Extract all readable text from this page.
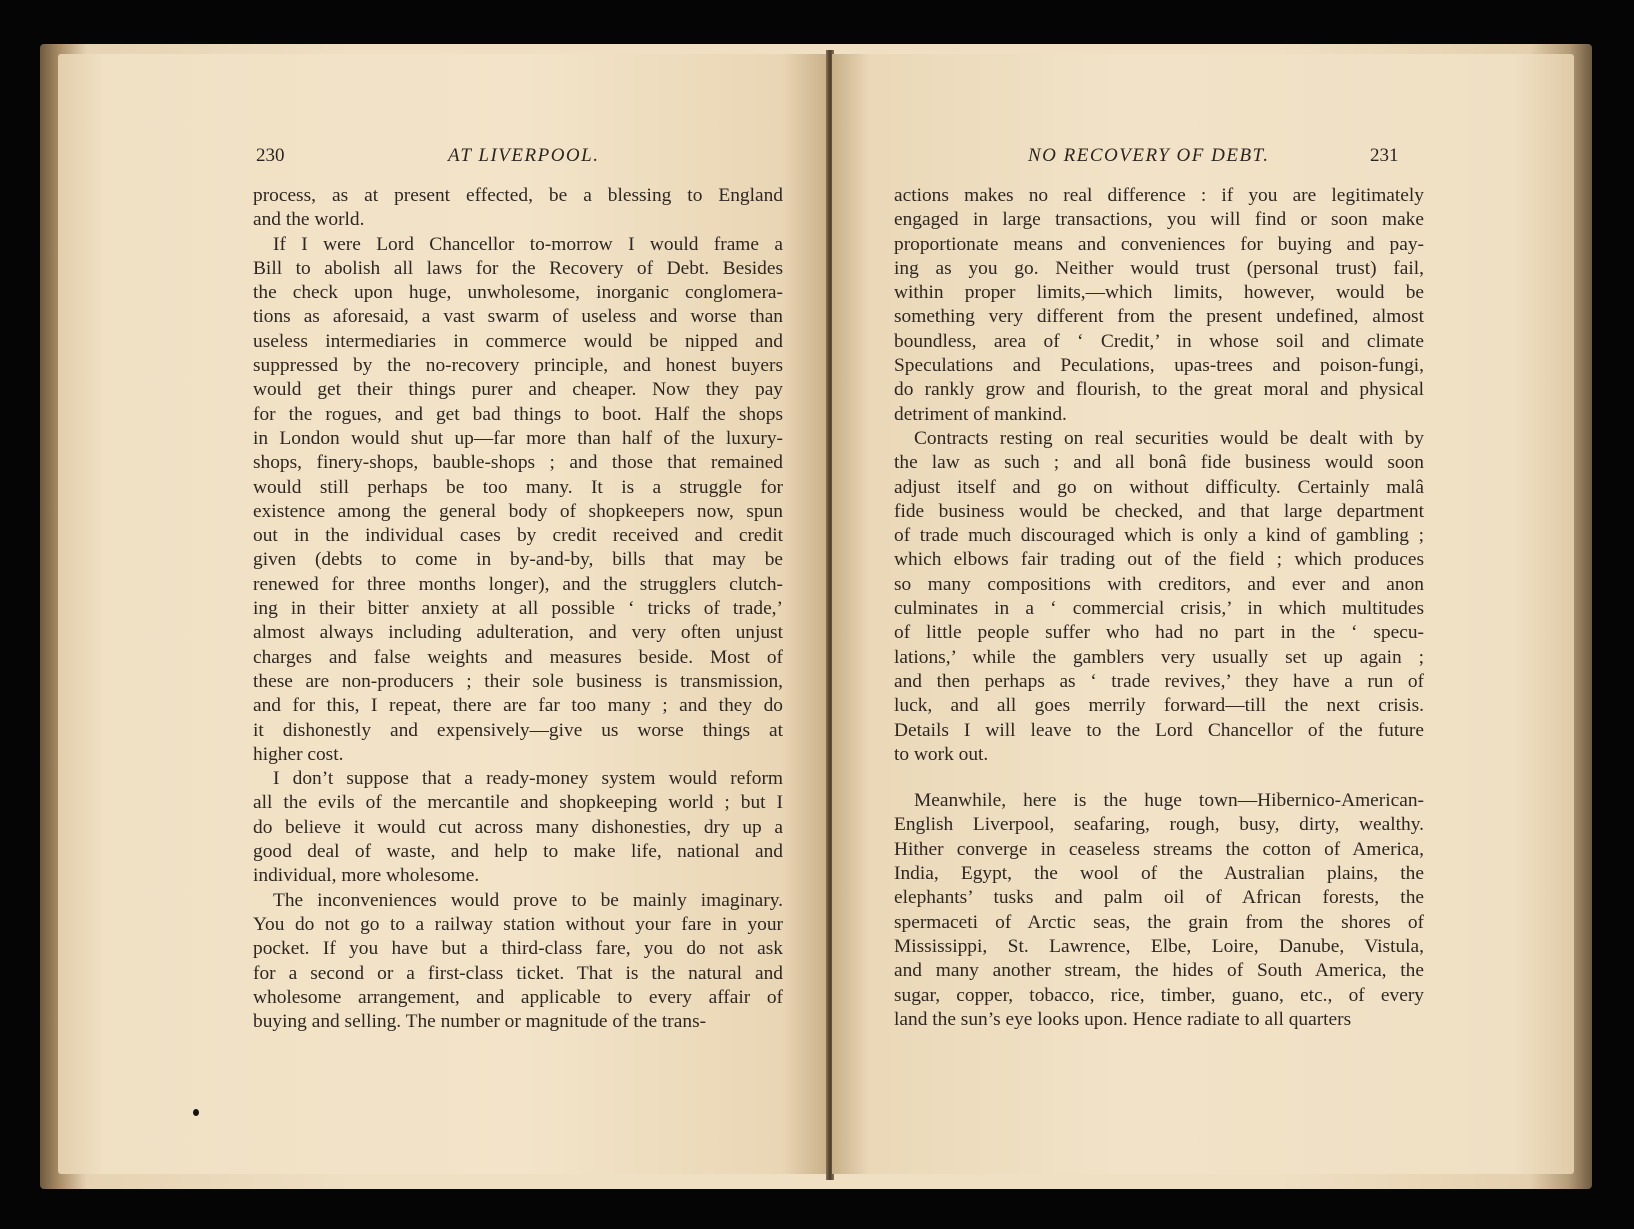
230	AT LIVERPOOL.
process, as at present effected, be a blessing to England
and the world.
If I were Lord Chancellor to-morrow I would frame a
Bill to abolish all laws for the Recovery of Debt. Besides
the check upon huge, unwholesome, inorganic conglomera-
tions as aforesaid, a vast swarm of useless and worse than
useless intermediaries in commerce would be nipped and
suppressed by the no-recovery principle, and honest buyers
would get their things purer and cheaper. Now they pay
for the rogues, and get bad things to boot. Half the shops
in London would shut up—far more than half of the luxury-
shops, finery-shops, bauble-shops ; and those that remained
would still perhaps be too many. It is a struggle for
existence among the general body of shopkeepers now, spun
out in the individual cases by credit received and credit
given (debts to come in by-and-by, bills that may be
renewed for three months longer), and the strugglers clutch-
ing in their bitter anxiety at all possible ‘ tricks of trade,’
almost always including adulteration, and very often unjust
charges and false weights and measures beside. Most of
these are non-producers ; their sole business is transmission,
and for this, I repeat, there are far too many ; and they do
it dishonestly and expensively—give us worse things at
higher cost.
I don’t suppose that a ready-money system would reform
all the evils of the mercantile and shopkeeping world ; but I
do believe it would cut across many dishonesties, dry up a
good deal of waste, and help to make life, national and
individual, more wholesome.
The inconveniences would prove to be mainly imaginary.
You do not go to a railway station without your fare in your
pocket. If you have but a third-class fare, you do not ask
for a second or a first-class ticket. That is the natural and
wholesome arrangement, and applicable to every affair of
buying and selling. The number or magnitude of the trans-
NO RECOVERY OF DEBT.	231
actions makes no real difference : if you are legitimately
engaged in large transactions, you will find or soon make
proportionate means and conveniences for buying and pay-
ing as you go. Neither would trust (personal trust) fail,
within proper limits,—which limits, however, would be
something very different from the present undefined, almost
boundless, area of ‘ Credit,’ in whose soil and climate
Speculations and Peculations, upas-trees and poison-fungi,
do rankly grow and flourish, to the great moral and physical
detriment of mankind.
Contracts resting on real securities would be dealt with by
the law as such ; and all bonâ fide business would soon
adjust itself and go on without difficulty. Certainly malâ
fide business would be checked, and that large department
of trade much discouraged which is only a kind of gambling ;
which elbows fair trading out of the field ; which produces
so many compositions with creditors, and ever and anon
culminates in a ‘ commercial crisis,’ in which multitudes
of little people suffer who had no part in the ‘ specu-
lations,’ while the gamblers very usually set up again ;
and then perhaps as ‘ trade revives,’ they have a run of
luck, and all goes merrily forward—till the next crisis.
Details I will leave to the Lord Chancellor of the future
to work out.
Meanwhile, here is the huge town—Hibernico-American-
English Liverpool, seafaring, rough, busy, dirty, wealthy.
Hither converge in ceaseless streams the cotton of America,
India, Egypt, the wool of the Australian plains, the
elephants’ tusks and palm oil of African forests, the
spermaceti of Arctic seas, the grain from the shores of
Mississippi, St. Lawrence, Elbe, Loire, Danube, Vistula,
and many another stream, the hides of South America, the
sugar, copper, tobacco, rice, timber, guano, etc., of every
land the sun’s eye looks upon. Hence radiate to all quarters
